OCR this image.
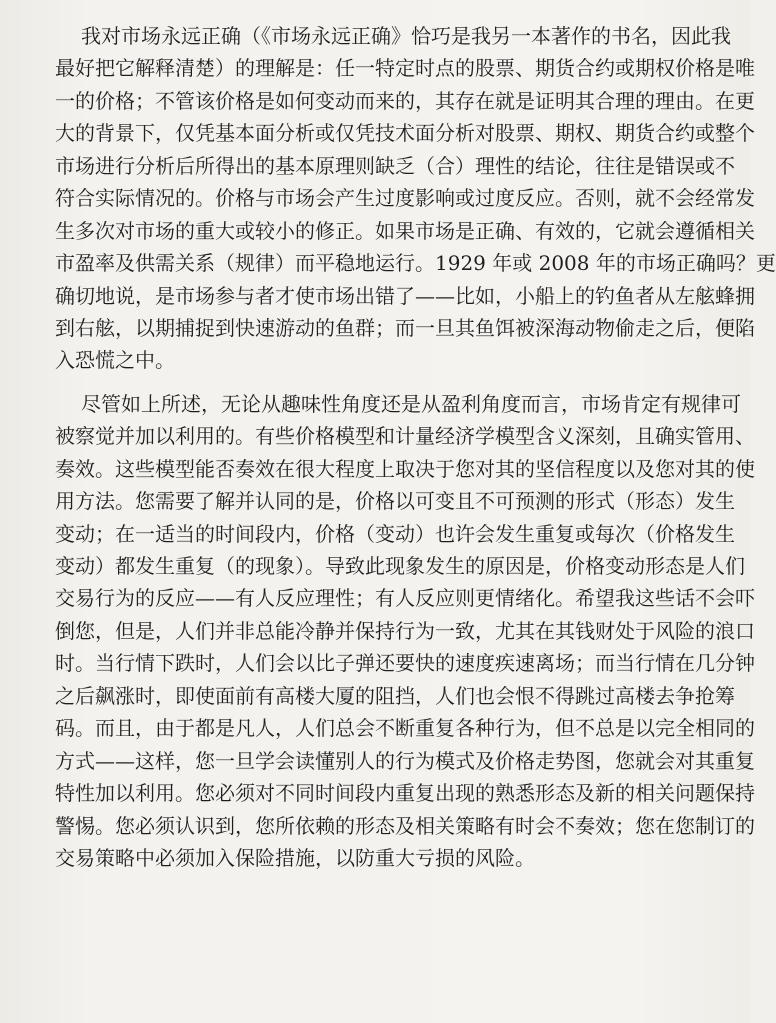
我对市场永远正确（《市场永远正确》恰巧是我另一本著作的书名，因此我
最好把它解释清楚）的理解是：任一特定时点的股票、期货合约或期权价格是唯
一的价格；不管该价格是如何变动而来的，其存在就是证明其合理的理由。在更
大的背景下，仅凭基本面分析或仅凭技术面分析对股票、期权、期货合约或整个
市场进行分析后所得出的基本原理则缺乏（合）理性的结论，往往是错误或不
符合实际情况的。价格与市场会产生过度影响或过度反应。否则，就不会经常发
生多次对市场的重大或较小的修正。如果市场是正确、有效的，它就会遵循相关
市盈率及供需关系（规律）而平稳地运行。1929 年或 2008 年的市场正确吗？更
确切地说，是市场参与者才使市场出错了——比如，小船上的钓鱼者从左舷蜂拥
到右舷，以期捕捉到快速游动的鱼群；而一旦其鱼饵被深海动物偷走之后，便陷
入恐慌之中。
尽管如上所述，无论从趣味性角度还是从盈利角度而言，市场肯定有规律可
被察觉并加以利用的。有些价格模型和计量经济学模型含义深刻，且确实管用、
奏效。这些模型能否奏效在很大程度上取决于您对其的坚信程度以及您对其的使
用方法。您需要了解并认同的是，价格以可变且不可预测的形式（形态）发生
变动；在一适当的时间段内，价格（变动）也许会发生重复或每次（价格发生
变动）都发生重复（的现象）。导致此现象发生的原因是，价格变动形态是人们
交易行为的反应——有人反应理性；有人反应则更情绪化。希望我这些话不会吓
倒您，但是，人们并非总能冷静并保持行为一致，尤其在其钱财处于风险的浪口
时。当行情下跌时，人们会以比子弹还要快的速度疾速离场；而当行情在几分钟
之后飙涨时，即使面前有高楼大厦的阻挡，人们也会恨不得跳过高楼去争抢筹
码。而且，由于都是凡人，人们总会不断重复各种行为，但不总是以完全相同的
方式——这样，您一旦学会读懂别人的行为模式及价格走势图，您就会对其重复
特性加以利用。您必须对不同时间段内重复出现的熟悉形态及新的相关问题保持
警惕。您必须认识到，您所依赖的形态及相关策略有时会不奏效；您在您制订的
交易策略中必须加入保险措施，以防重大亏损的风险。
